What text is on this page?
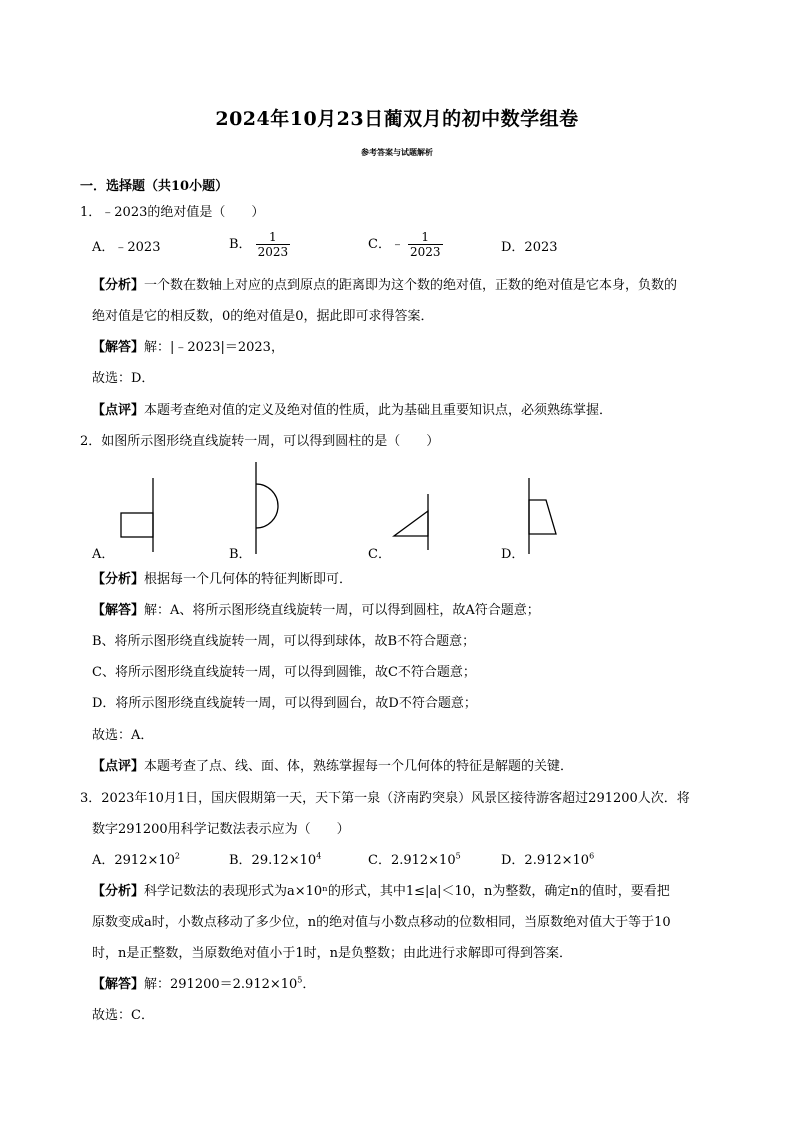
2024年10月23日蔺双月的初中数学组卷
参考答案与试题解析
一．选择题（共10小题）
1．﹣2023的绝对值是（　　）
A．﹣2023	B． $\frac{1}{2023}$	C．﹣ $\frac{1}{2023}$	D．2023
【分析】一个数在数轴上对应的点到原点的距离即为这个数的绝对值，正数的绝对值是它本身，负数的
绝对值是它的相反数，0的绝对值是0，据此即可求得答案．
【解答】解：|﹣2023|＝2023，
故选：D．
【点评】本题考查绝对值的定义及绝对值的性质，此为基础且重要知识点，必须熟练掌握．
2．如图所示图形绕直线旋转一周，可以得到圆柱的是（　　）
A．	B．	C．	D．
【分析】根据每一个几何体的特征判断即可．
【解答】解：A、将所示图形绕直线旋转一周，可以得到圆柱，故A符合题意；
B、将所示图形绕直线旋转一周，可以得到球体，故B不符合题意；
C、将所示图形绕直线旋转一周，可以得到圆锥，故C不符合题意；
D．将所示图形绕直线旋转一周，可以得到圆台，故D不符合题意；
故选：A．
【点评】本题考查了点、线、面、体，熟练掌握每一个几何体的特征是解题的关键．
3．2023年10月1日，国庆假期第一天，天下第一泉（济南趵突泉）风景区接待游客超过291200人次．将
数字291200用科学记数法表示应为（　　）
A．$2912\times 10^2$	B．$29.12\times 10^4$	C．$2.912\times 10^5$	D．$2.912\times 10^6$
【分析】科学记数法的表现形式为a×10ⁿ的形式，其中1≤|a|＜10，n为整数，确定n的值时，要看把
原数变成a时，小数点移动了多少位，n的绝对值与小数点移动的位数相同，当原数绝对值大于等于10
时，n是正整数，当原数绝对值小于1时，n是负整数；由此进行求解即可得到答案．
【解答】解：$291200=2.912\times 10^5$．
故选：C．
